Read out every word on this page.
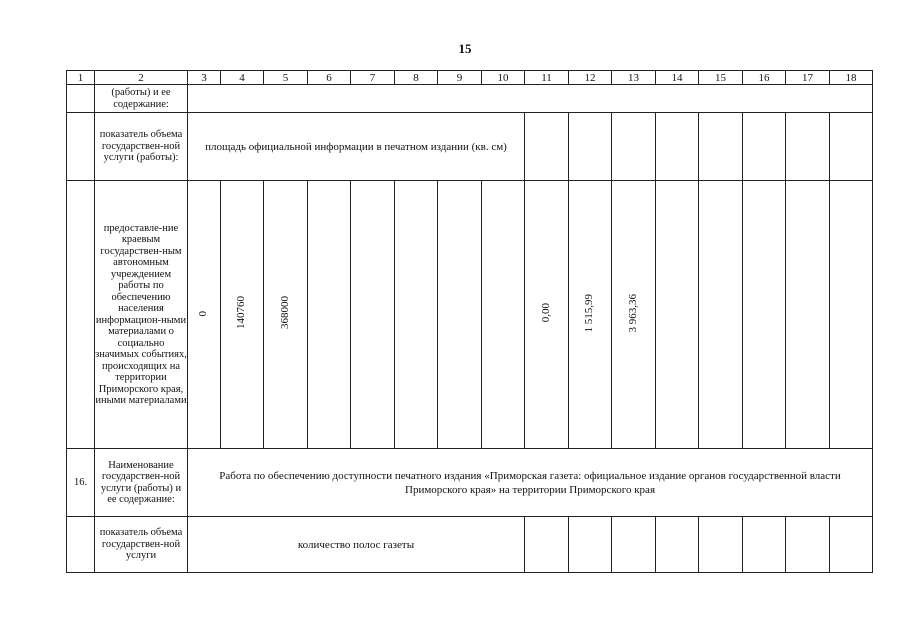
15
1	2	3	4	5	6	7	8	9	10	11	12	13	14	15	16	17	18
	(работы) и ее содержание:																
	показатель объема государствен-ной услуги (работы):	площадь официальной информации в печатном издании (кв. см)															

	предоставле-ние краевым государствен-ным автономным учреждением работы по обеспечению населения информацион-ными материалами о социально значимых событиях, происходящих на территории Приморского края, иными материалами	0	140760	368000						0,00	1 515,99	3 963,36					
16.	Наименование государствен-ной услуги (работы) и ее содержание:	Работа по обеспечению доступности печатного издания «Приморская газета: официальное издание органов государственной власти Приморского края» на территории Приморского края															

	показатель объема государствен-ной услуги	количество полос газеты															
